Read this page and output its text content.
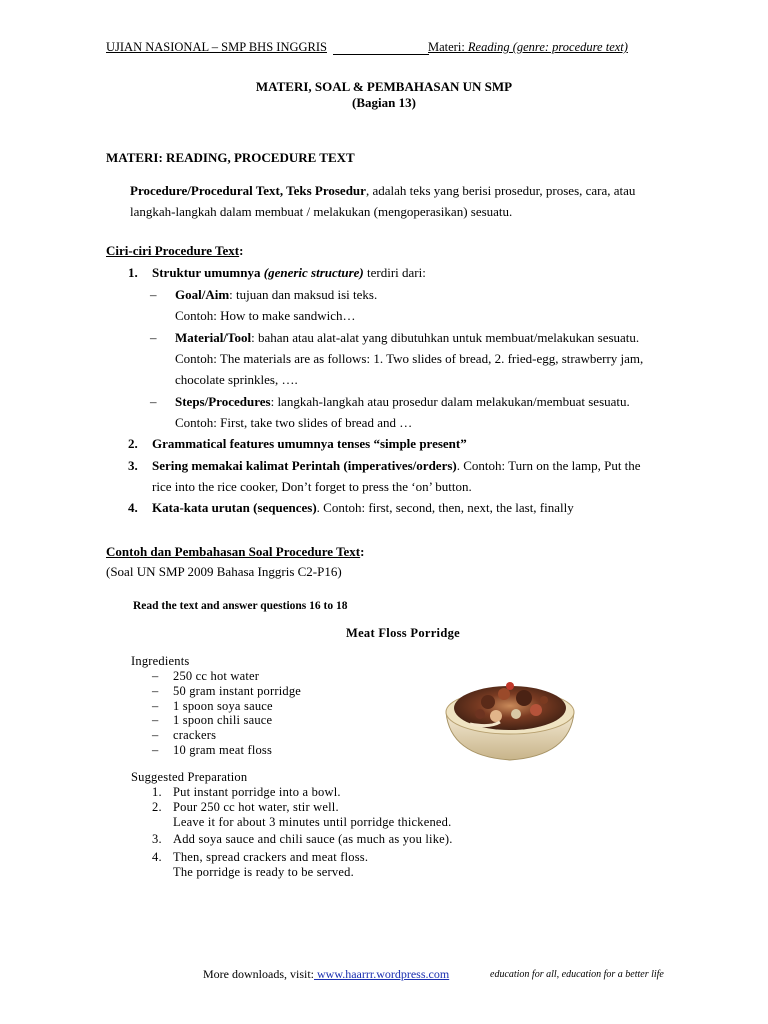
UJIAN NASIONAL – SMP BHS INGGRIS	Materi: Reading (genre: procedure text)
MATERI, SOAL & PEMBAHASAN UN SMP
(Bagian 13)
MATERI: READING, PROCEDURE TEXT
Procedure/Procedural Text, Teks Prosedur, adalah teks yang berisi prosedur, proses, cara, atau
langkah-langkah dalam membuat / melakukan (mengoperasikan) sesuatu.
Ciri-ciri Procedure Text:
1. Struktur umumnya (generic structure) terdiri dari:
– Goal/Aim: tujuan dan maksud isi teks.
Contoh: How to make sandwich…
– Material/Tool: bahan atau alat-alat yang dibutuhkan untuk membuat/melakukan sesuatu.
Contoh: The materials are as follows: 1. Two slides of bread, 2. fried-egg, strawberry jam,
chocolate sprinkles, ….
– Steps/Procedures: langkah-langkah atau prosedur dalam melakukan/membuat sesuatu.
Contoh: First, take two slides of bread and …
2. Grammatical features umumnya tenses “simple present”
3. Sering memakai kalimat Perintah (imperatives/orders). Contoh: Turn on the lamp, Put the
rice into the rice cooker, Don’t forget to press the ‘on’ button.
4. Kata-kata urutan (sequences). Contoh: first, second, then, next, the last, finally
Contoh dan Pembahasan Soal Procedure Text:
(Soal UN SMP 2009 Bahasa Inggris C2-P16)
Read the text and answer questions 16 to 18
Meat Floss Porridge
Ingredients
– 250 cc hot water
– 50 gram instant porridge
– 1 spoon soya sauce
– 1 spoon chili sauce
– crackers
– 10 gram meat floss
Suggested Preparation
1. Put instant porridge into a bowl.
2. Pour 250 cc hot water, stir well.
Leave it for about 3 minutes until porridge thickened.
3. Add soya sauce and chili sauce (as much as you like).
4. Then, spread crackers and meat floss.
The porridge is ready to be served.
More downloads, visit: www.haarrr.wordpress.com	education for all, education for a better life
